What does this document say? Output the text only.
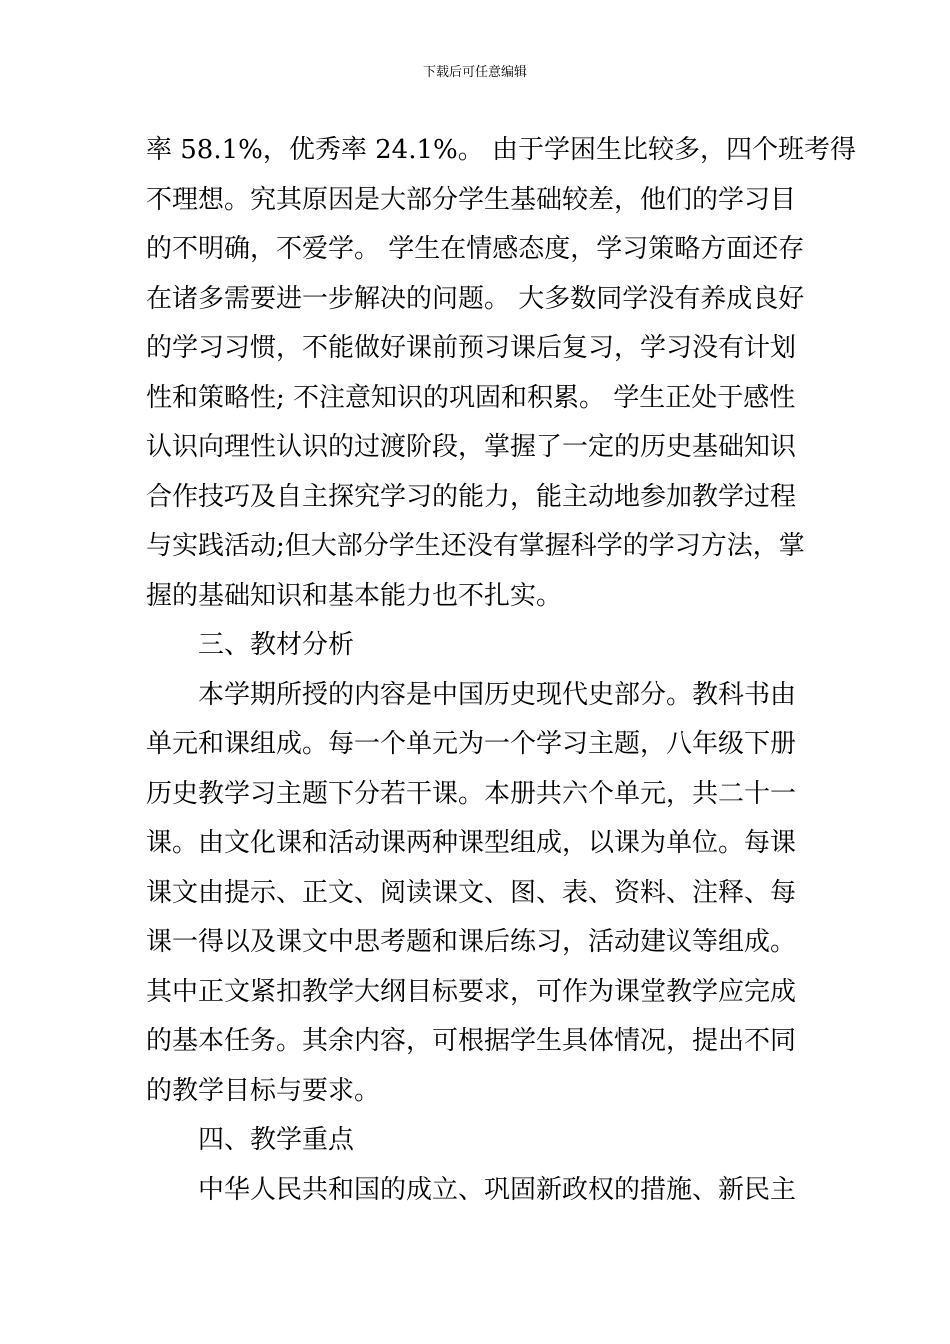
下载后可任意编辑
率 58.1%，优秀率 24.1%。 由于学困生比较多，四个班考得
不理想。究其原因是大部分学生基础较差，他们的学习目
的不明确，不爱学。 学生在情感态度，学习策略方面还存
在诸多需要进一步解决的问题。 大多数同学没有养成良好
的学习习惯，不能做好课前预习课后复习，学习没有计划
性和策略性; 不注意知识的巩固和积累。 学生正处于感性
认识向理性认识的过渡阶段，掌握了一定的历史基础知识
合作技巧及自主探究学习的能力，能主动地参加教学过程
与实践活动;但大部分学生还没有掌握科学的学习方法，掌
握的基础知识和基本能力也不扎实。
三、教材分析
本学期所授的内容是中国历史现代史部分。教科书由
单元和课组成。每一个单元为一个学习主题，八年级下册
历史教学习主题下分若干课。本册共六个单元，共二十一
课。由文化课和活动课两种课型组成，以课为单位。每课
课文由提示、正文、阅读课文、图、表、资料、注释、每
课一得以及课文中思考题和课后练习，活动建议等组成。
其中正文紧扣教学大纲目标要求，可作为课堂教学应完成
的基本任务。其余内容，可根据学生具体情况，提出不同
的教学目标与要求。
四、教学重点
中华人民共和国的成立、巩固新政权的措施、新民主
